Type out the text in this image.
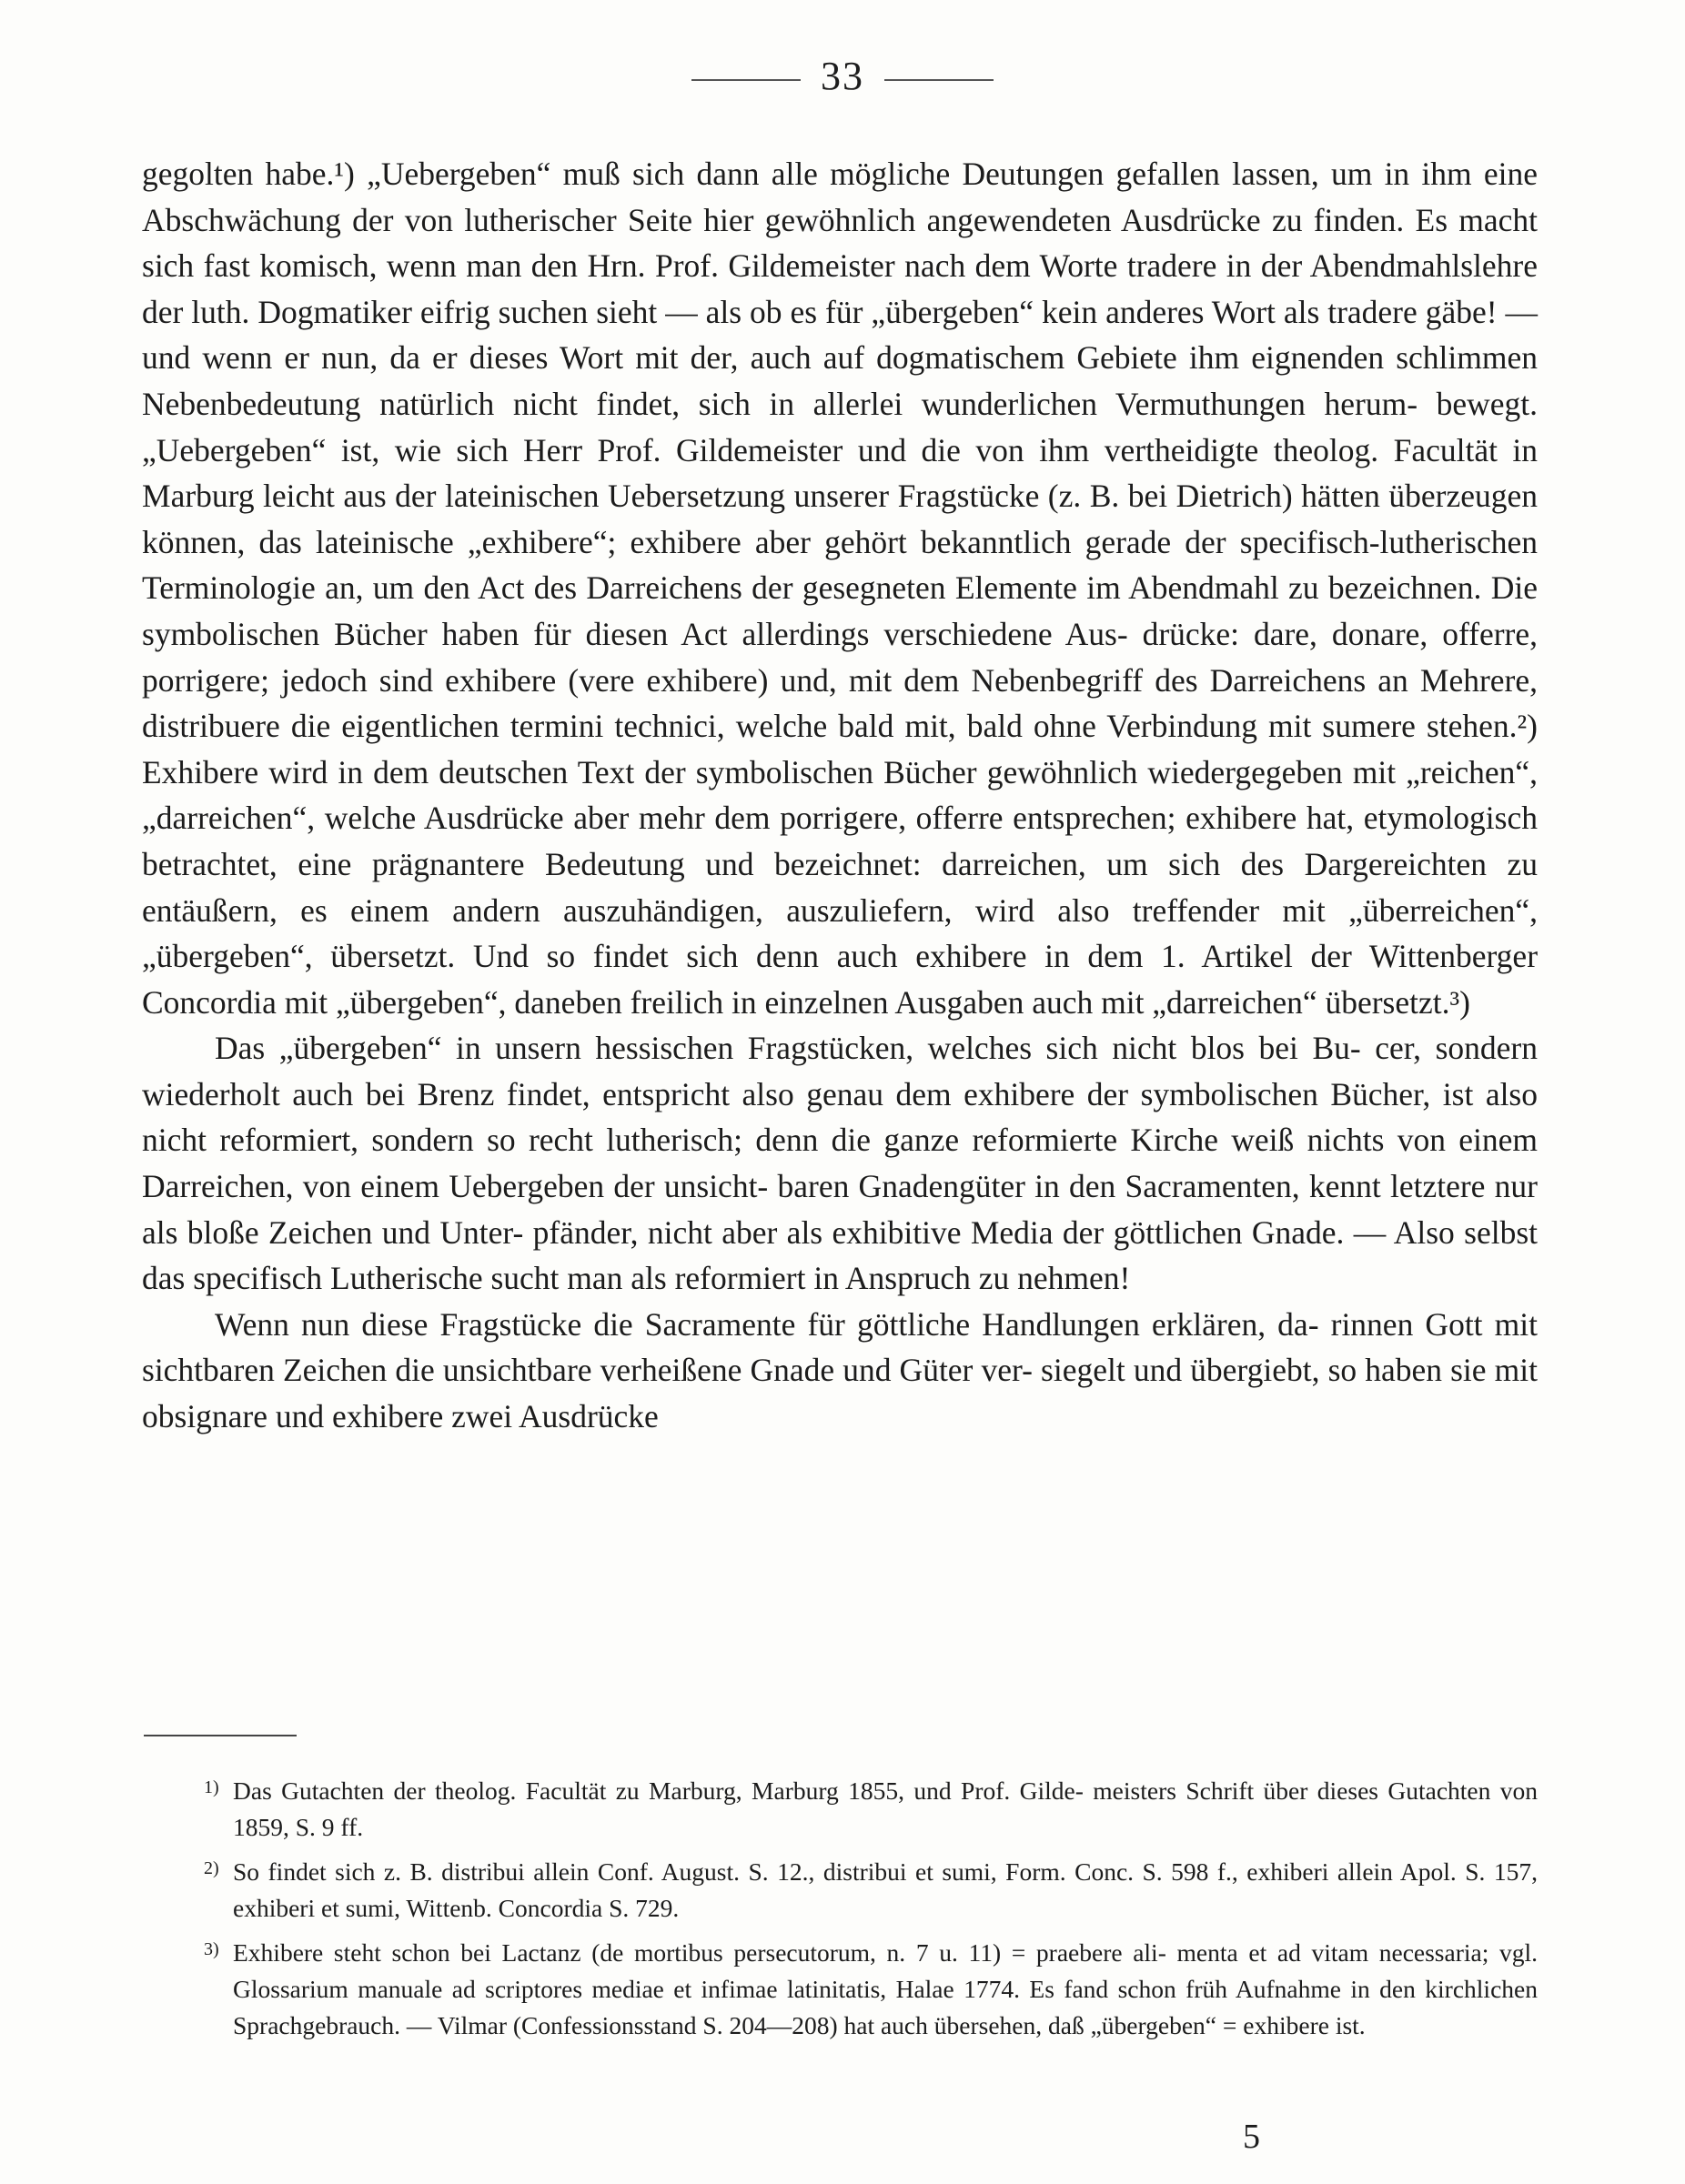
33

gegolten habe.¹) „Uebergeben“ muß sich dann alle mögliche Deutungen gefallen lassen, um in ihm eine Abschwächung der von lutherischer Seite hier gewöhnlich angewendeten Ausdrücke zu finden. Es macht sich fast komisch, wenn man den Hrn. Prof. Gildemeister nach dem Worte tradere in der Abendmahlslehre der luth. Dogmatiker eifrig suchen sieht — als ob es für „übergeben“ kein anderes Wort als tradere gäbe! — und wenn er nun, da er dieses Wort mit der, auch auf dogmatischem Gebiete ihm eignenden schlimmen Nebenbedeutung natürlich nicht findet, sich in allerlei wunderlichen Vermuthungen herum- bewegt. „Uebergeben“ ist, wie sich Herr Prof. Gildemeister und die von ihm vertheidigte theolog. Facultät in Marburg leicht aus der lateinischen Uebersetzung unserer Fragstücke (z. B. bei Dietrich) hätten überzeugen können, das lateinische „exhibere“; exhibere aber gehört bekanntlich gerade der specifisch-lutherischen Terminologie an, um den Act des Darreichens der gesegneten Elemente im Abendmahl zu bezeichnen. Die symbolischen Bücher haben für diesen Act allerdings verschiedene Aus- drücke: dare, donare, offerre, porrigere; jedoch sind exhibere (vere exhibere) und, mit dem Nebenbegriff des Darreichens an Mehrere, distribuere die eigentlichen termini technici, welche bald mit, bald ohne Verbindung mit sumere stehen.²) Exhibere wird in dem deutschen Text der symbolischen Bücher gewöhnlich wiedergegeben mit „reichen“, „darreichen“, welche Ausdrücke aber mehr dem porrigere, offerre entsprechen; exhibere hat, etymologisch betrachtet, eine prägnantere Bedeutung und bezeichnet: darreichen, um sich des Dargereichten zu entäußern, es einem andern auszuhändigen, auszuliefern, wird also treffender mit „überreichen“, „übergeben“, übersetzt. Und so findet sich denn auch exhibere in dem 1. Artikel der Wittenberger Concordia mit „übergeben“, daneben freilich in einzelnen Ausgaben auch mit „darreichen“ übersetzt.³)

Das „übergeben“ in unsern hessischen Fragstücken, welches sich nicht blos bei Bu- cer, sondern wiederholt auch bei Brenz findet, entspricht also genau dem exhibere der symbolischen Bücher, ist also nicht reformiert, sondern so recht lutherisch; denn die ganze reformierte Kirche weiß nichts von einem Darreichen, von einem Uebergeben der unsicht- baren Gnadengüter in den Sacramenten, kennt letztere nur als bloße Zeichen und Unter- pfänder, nicht aber als exhibitive Media der göttlichen Gnade. — Also selbst das specifisch Lutherische sucht man als reformiert in Anspruch zu nehmen!

Wenn nun diese Fragstücke die Sacramente für göttliche Handlungen erklären, da- rinnen Gott mit sichtbaren Zeichen die unsichtbare verheißene Gnade und Güter ver- siegelt und übergiebt, so haben sie mit obsignare und exhibere zwei Ausdrücke

1) Das Gutachten der theolog. Facultät zu Marburg, Marburg 1855, und Prof. Gilde- meisters Schrift über dieses Gutachten von 1859, S. 9 ff.
2) So findet sich z. B. distribui allein Conf. August. S. 12., distribui et sumi, Form. Conc. S. 598 f., exhiberi allein Apol. S. 157, exhiberi et sumi, Wittenb. Concordia S. 729.
3) Exhibere steht schon bei Lactanz (de mortibus persecutorum, n. 7 u. 11) = praebere ali- menta et ad vitam necessaria; vgl. Glossarium manuale ad scriptores mediae et infimae latinitatis, Halae 1774. Es fand schon früh Aufnahme in den kirchlichen Sprachgebrauch. — Vilmar (Confessionsstand S. 204—208) hat auch übersehen, daß „übergeben“ = exhibere ist.
5
